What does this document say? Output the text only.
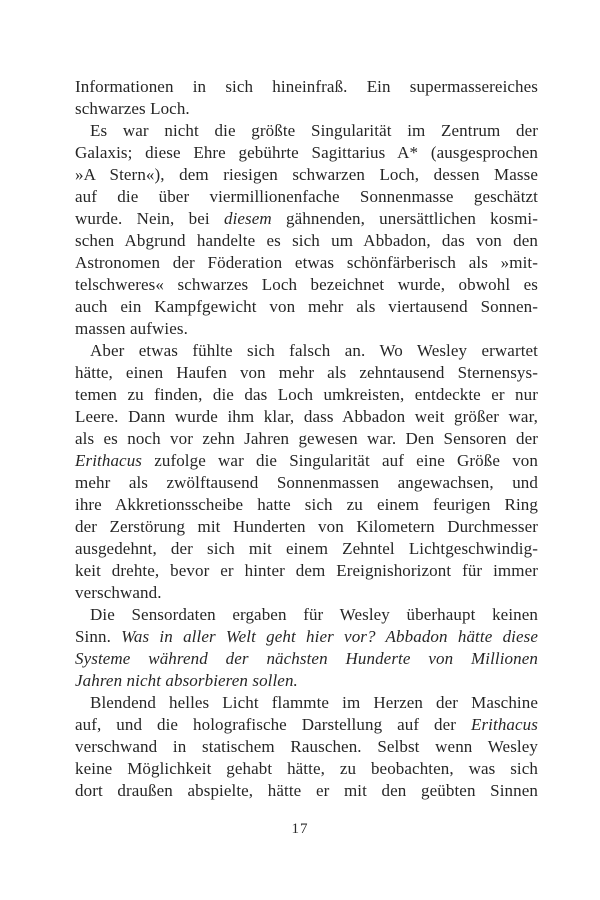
Informationen in sich hineinfraß. Ein supermassereiches
schwarzes Loch.
Es war nicht die größte Singularität im Zentrum der
Galaxis; diese Ehre gebührte Sagittarius A* (ausgesprochen
»A Stern«), dem riesigen schwarzen Loch, dessen Masse
auf die über viermillionenfache Sonnenmasse geschätzt
wurde. Nein, bei diesem gähnenden, unersättlichen kosmi-
schen Abgrund handelte es sich um Abbadon, das von den
Astronomen der Föderation etwas schönfärberisch als »mit-
telschweres« schwarzes Loch bezeichnet wurde, obwohl es
auch ein Kampfgewicht von mehr als viertausend Sonnen-
massen aufwies.
Aber etwas fühlte sich falsch an. Wo Wesley erwartet
hätte, einen Haufen von mehr als zehntausend Sternensys-
temen zu finden, die das Loch umkreisten, entdeckte er nur
Leere. Dann wurde ihm klar, dass Abbadon weit größer war,
als es noch vor zehn Jahren gewesen war. Den Sensoren der
Erithacus zufolge war die Singularität auf eine Größe von
mehr als zwölftausend Sonnenmassen angewachsen, und
ihre Akkretionsscheibe hatte sich zu einem feurigen Ring
der Zerstörung mit Hunderten von Kilometern Durchmesser
ausgedehnt, der sich mit einem Zehntel Lichtgeschwindig-
keit drehte, bevor er hinter dem Ereignishorizont für immer
verschwand.
Die Sensordaten ergaben für Wesley überhaupt keinen
Sinn. Was in aller Welt geht hier vor? Abbadon hätte diese
Systeme während der nächsten Hunderte von Millionen
Jahren nicht absorbieren sollen.
Blendend helles Licht flammte im Herzen der Maschine
auf, und die holografische Darstellung auf der Erithacus
verschwand in statischem Rauschen. Selbst wenn Wesley
keine Möglichkeit gehabt hätte, zu beobachten, was sich
dort draußen abspielte, hätte er mit den geübten Sinnen
17
